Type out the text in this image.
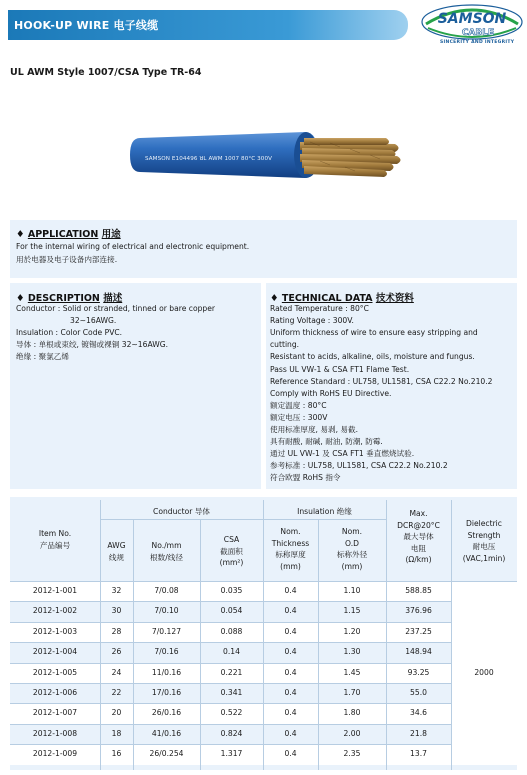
HOOK-UP WIRE 电子线缆	SAMSON
CABLE
SINCERITY AND INTEGRITY
UL AWM Style 1007/CSA Type TR-64
SAMSON E104496 ꓤL AWM 1007 80°C 300V
♦ APPLICATION 用途
For the internal wiring of electrical and electronic equipment.
用於电器及电子设备内部连接.
♦ DESCRIPTION 描述
Conductor : Solid or stranded, tinned or bare copper
32~16AWG.
Insulation : Color Code PVC.
导体 : 单根或束绞, 镀锡或裸铜 32~16AWG.
绝缘 : 聚氯乙烯
♦ TECHNICAL DATA 技术资料
Rated Temperature : 80°C
Rating Voltage : 300V.
Uniform thickness of wire to ensure easy stripping and
cutting.
Resistant to acids, alkaline, oils, moisture and fungus.
Pass UL VW-1 & CSA FT1 Flame Test.
Reference Standard : UL758, UL1581, CSA C22.2 No.210.2
Comply with RoHS EU Directive.
额定温度 : 80°C
额定电压 : 300V
使用标准厚度, 易剥, 易截.
具有耐酸, 耐碱, 耐油, 防潮, 防霉.
通过 UL VW-1 及 CSA FT1 垂直燃烧试验.
参考标准 : UL758, UL1581, CSA C22.2 No.210.2
符合欧盟 RoHS 指令
Item No.
产品编号
Conductor 导体	Insulation 绝缘
AWG
线规
No./mm
根数/线径
CSA
截面积
(mm²)
Nom.
Thickness
标称厚度
(mm)
Nom.
O.D
标称外径
(mm)
Max.
DCR@20°C
最大导体
电阻
(Ω/km)
Dielectric
Strength
耐电压
(VAC,1min)
2012-1-001	32	7/0.08	0.035	0.4	1.10	588.85
2012-1-002	30	7/0.10	0.054	0.4	1.15	376.96
2012-1-003	28	7/0.127	0.088	0.4	1.20	237.25
2012-1-004	26	7/0.16	0.14	0.4	1.30	148.94
2012-1-005	24	11/0.16	0.221	0.4	1.45	93.25
2012-1-006	22	17/0.16	0.341	0.4	1.70	55.0
2012-1-007	20	26/0.16	0.522	0.4	1.80	34.6
2012-1-008	18	41/0.16	0.824	0.4	2.00	21.8
2012-1-009	16	26/0.254	1.317	0.4	2.35	13.7
2000
